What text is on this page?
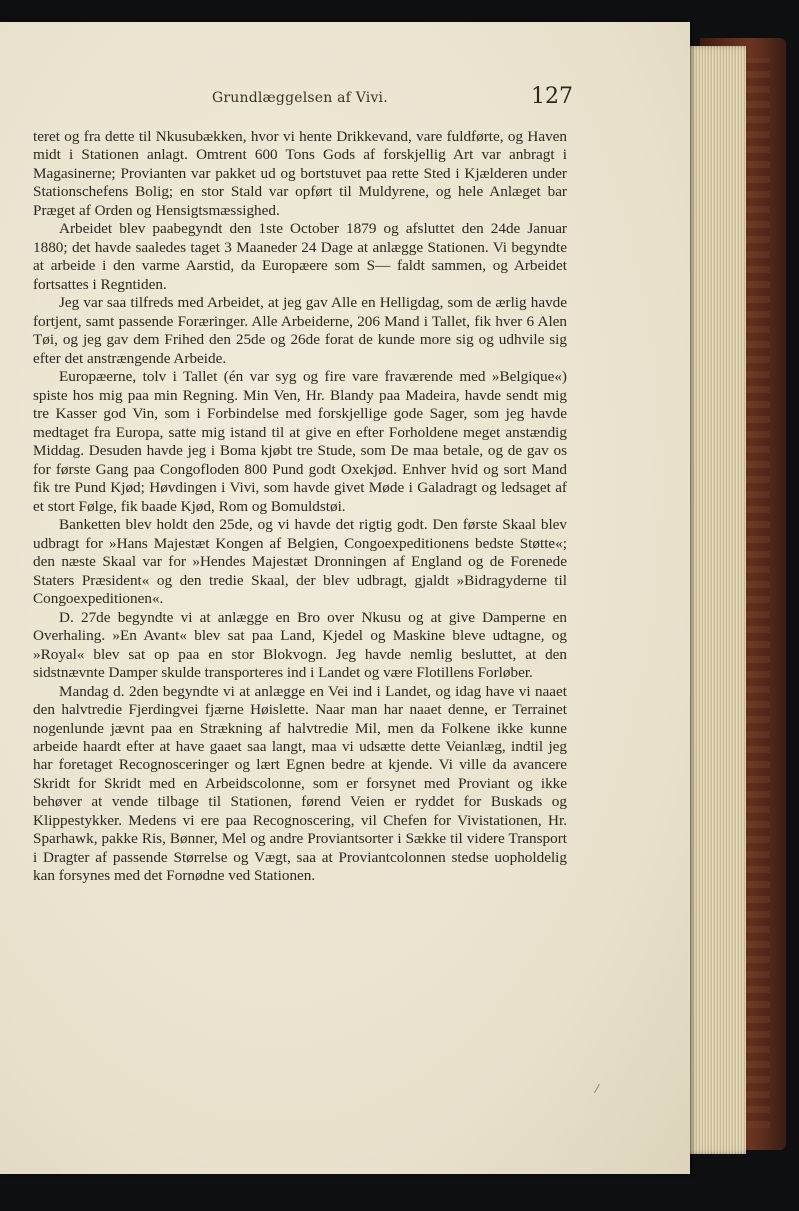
Grundlæggelsen af Vivi.	127

teret og fra dette til Nkusubækken, hvor vi hente Drikkevand, vare fuldførte, og Haven midt i Stationen anlagt. Omtrent 600 Tons Gods af forskjellig Art var anbragt i Magasinerne; Provianten var pakket ud og bortstuvet paa rette Sted i Kjælderen under Stationschefens Bolig; en stor Stald var opført til Muldyrene, og hele Anlæget bar Præget af Orden og Hensigtsmæssighed.

Arbeidet blev paabegyndt den 1ste October 1879 og afsluttet den 24de Januar 1880; det havde saaledes taget 3 Maaneder 24 Dage at anlægge Stationen. Vi begyndte at arbeide i den varme Aarstid, da Europæere som S— faldt sammen, og Arbeidet fortsattes i Regntiden.

Jeg var saa tilfreds med Arbeidet, at jeg gav Alle en Helligdag, som de ærlig havde fortjent, samt passende Foræringer. Alle Arbeiderne, 206 Mand i Tallet, fik hver 6 Alen Tøi, og jeg gav dem Frihed den 25de og 26de forat de kunde more sig og udhvile sig efter det anstrængende Arbeide.

Europæerne, tolv i Tallet (én var syg og fire vare fraværende med »Belgique«) spiste hos mig paa min Regning. Min Ven, Hr. Blandy paa Madeira, havde sendt mig tre Kasser god Vin, som i Forbindelse med forskjellige gode Sager, som jeg havde medtaget fra Europa, satte mig istand til at give en efter Forholdene meget anstændig Middag. Desuden havde jeg i Boma kjøbt tre Stude, som De maa betale, og de gav os for første Gang paa Congofloden 800 Pund godt Oxekjød. Enhver hvid og sort Mand fik tre Pund Kjød; Høvdingen i Vivi, som havde givet Møde i Galadragt og ledsaget af et stort Følge, fik baade Kjød, Rom og Bomuldstøi.

Banketten blev holdt den 25de, og vi havde det rigtig godt. Den første Skaal blev udbragt for »Hans Majestæt Kongen af Belgien, Congoexpeditionens bedste Støtte«; den næste Skaal var for »Hendes Majestæt Dronningen af England og de Forenede Staters Præsident« og den tredie Skaal, der blev udbragt, gjaldt »Bidragyderne til Congoexpeditionen«.

D. 27de begyndte vi at anlægge en Bro over Nkusu og at give Damperne en Overhaling. »En Avant« blev sat paa Land, Kjedel og Maskine bleve udtagne, og »Royal« blev sat op paa en stor Blokvogn. Jeg havde nemlig besluttet, at den sidstnævnte Damper skulde transporteres ind i Landet og være Flotillens Forløber.

Mandag d. 2den begyndte vi at anlægge en Vei ind i Landet, og idag have vi naaet den halvtredie Fjerdingvei fjærne Høislette. Naar man har naaet denne, er Terrainet nogenlunde jævnt paa en Strækning af halvtredie Mil, men da Folkene ikke kunne arbeide haardt efter at have gaaet saa langt, maa vi udsætte dette Veianlæg, indtil jeg har foretaget Recognosceringer og lært Egnen bedre at kjende. Vi ville da avancere Skridt for Skridt med en Arbeidscolonne, som er forsynet med Proviant og ikke behøver at vende tilbage til Stationen, førend Veien er ryddet for Buskads og Klippestykker. Medens vi ere paa Recognoscering, vil Chefen for Vivistationen, Hr. Sparhawk, pakke Ris, Bønner, Mel og andre Proviantsorter i Sække til videre Transport i Dragter af passende Størrelse og Vægt, saa at Proviantcolonnen stedse uopholdelig kan forsynes med det Fornødne ved Stationen.
